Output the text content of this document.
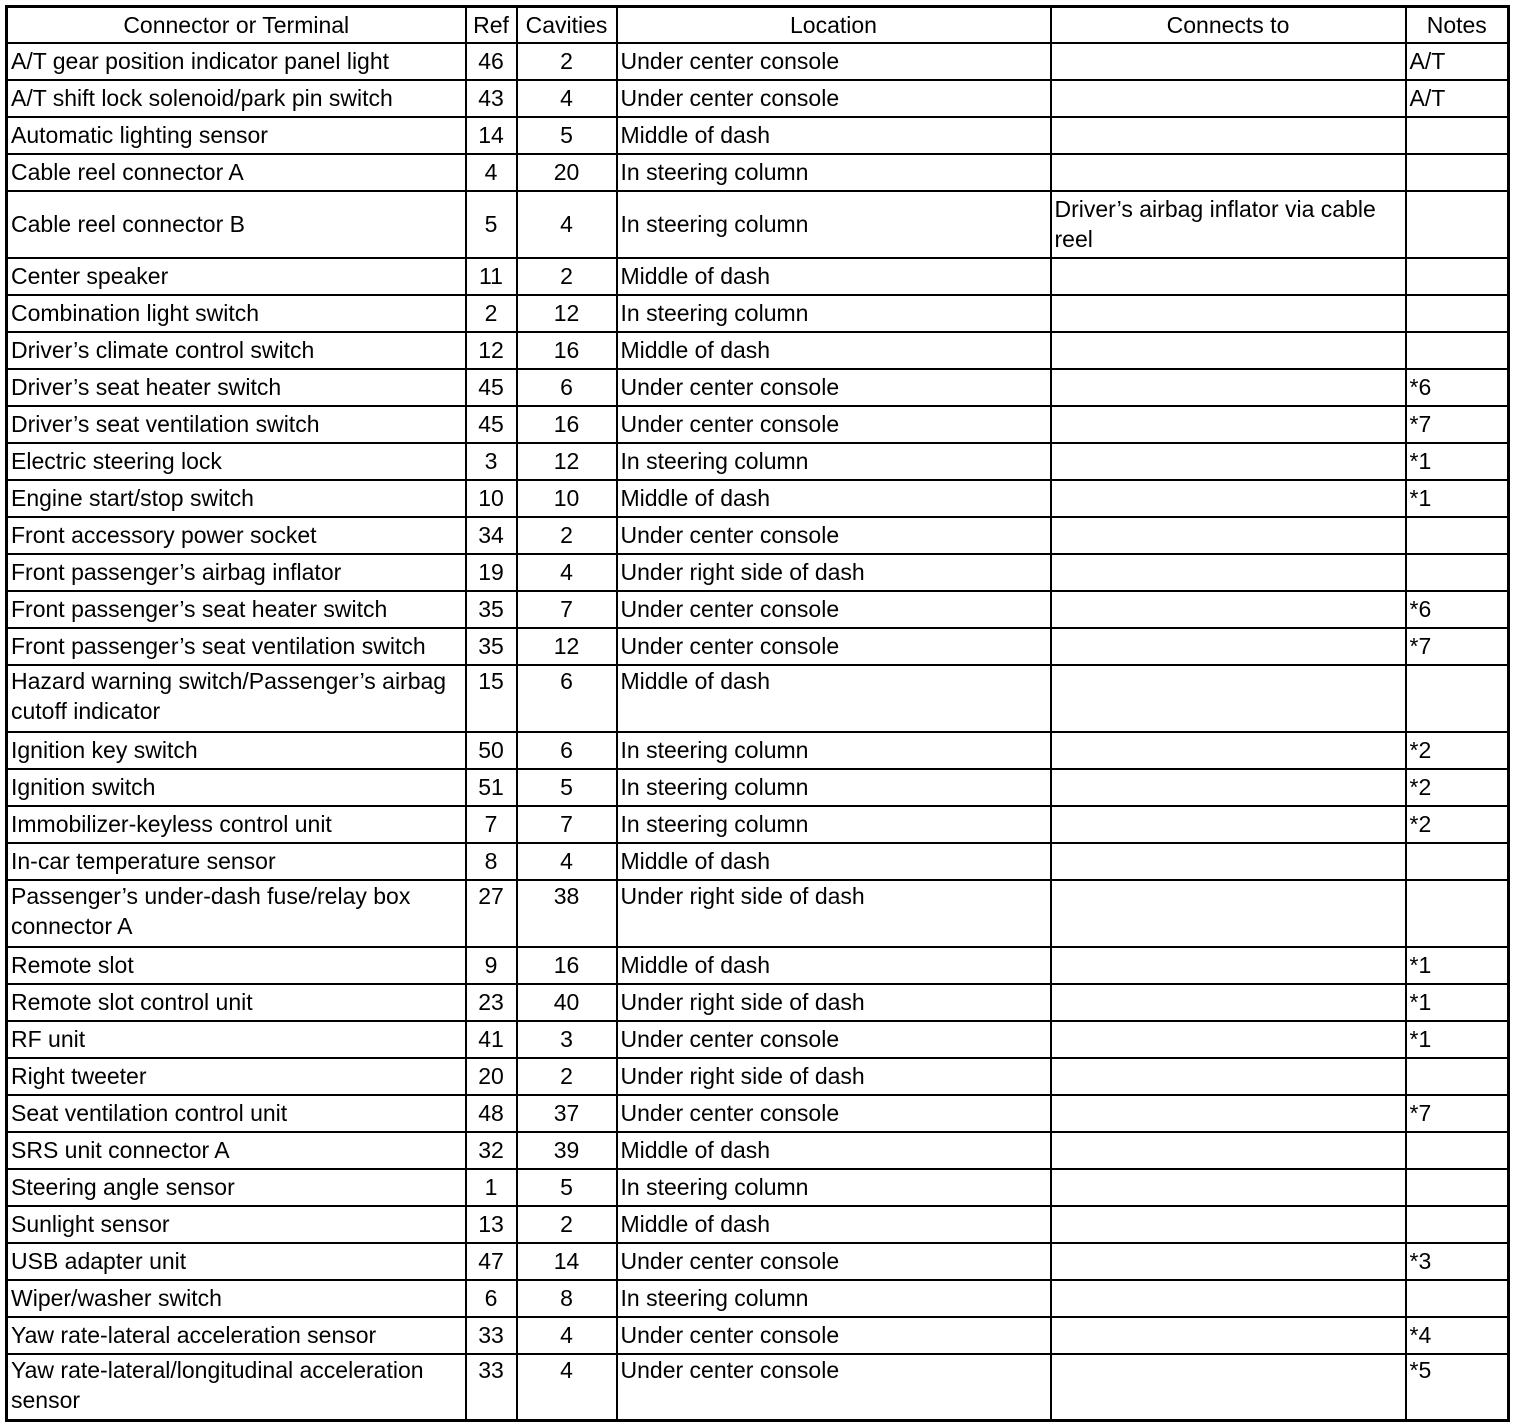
Connector or Terminal	Ref	Cavities	Location	Connects to	Notes
A/T gear position indicator panel light	46	2	Under center console		A/T
A/T shift lock solenoid/park pin switch	43	4	Under center console		A/T
Automatic lighting sensor	14	5	Middle of dash		
Cable reel connector A	4	20	In steering column		
Cable reel connector B	5	4	In steering column	Driver’s airbag inflator via cable reel	
Center speaker	11	2	Middle of dash		
Combination light switch	2	12	In steering column		
Driver’s climate control switch	12	16	Middle of dash		
Driver’s seat heater switch	45	6	Under center console		*6
Driver’s seat ventilation switch	45	16	Under center console		*7
Electric steering lock	3	12	In steering column		*1
Engine start/stop switch	10	10	Middle of dash		*1
Front accessory power socket	34	2	Under center console		
Front passenger’s airbag inflator	19	4	Under right side of dash		
Front passenger’s seat heater switch	35	7	Under center console		*6
Front passenger’s seat ventilation switch	35	12	Under center console		*7
Hazard warning switch/Passenger’s airbag cutoff indicator	15	6	Middle of dash		
Ignition key switch	50	6	In steering column		*2
Ignition switch	51	5	In steering column		*2
Immobilizer-keyless control unit	7	7	In steering column		*2
In-car temperature sensor	8	4	Middle of dash		
Passenger’s under-dash fuse/relay box connector A	27	38	Under right side of dash		
Remote slot	9	16	Middle of dash		*1
Remote slot control unit	23	40	Under right side of dash		*1
RF unit	41	3	Under center console		*1
Right tweeter	20	2	Under right side of dash		
Seat ventilation control unit	48	37	Under center console		*7
SRS unit connector A	32	39	Middle of dash		
Steering angle sensor	1	5	In steering column		
Sunlight sensor	13	2	Middle of dash		
USB adapter unit	47	14	Under center console		*3
Wiper/washer switch	6	8	In steering column		
Yaw rate-lateral acceleration sensor	33	4	Under center console		*4
Yaw rate-lateral/longitudinal acceleration sensor	33	4	Under center console		*5
